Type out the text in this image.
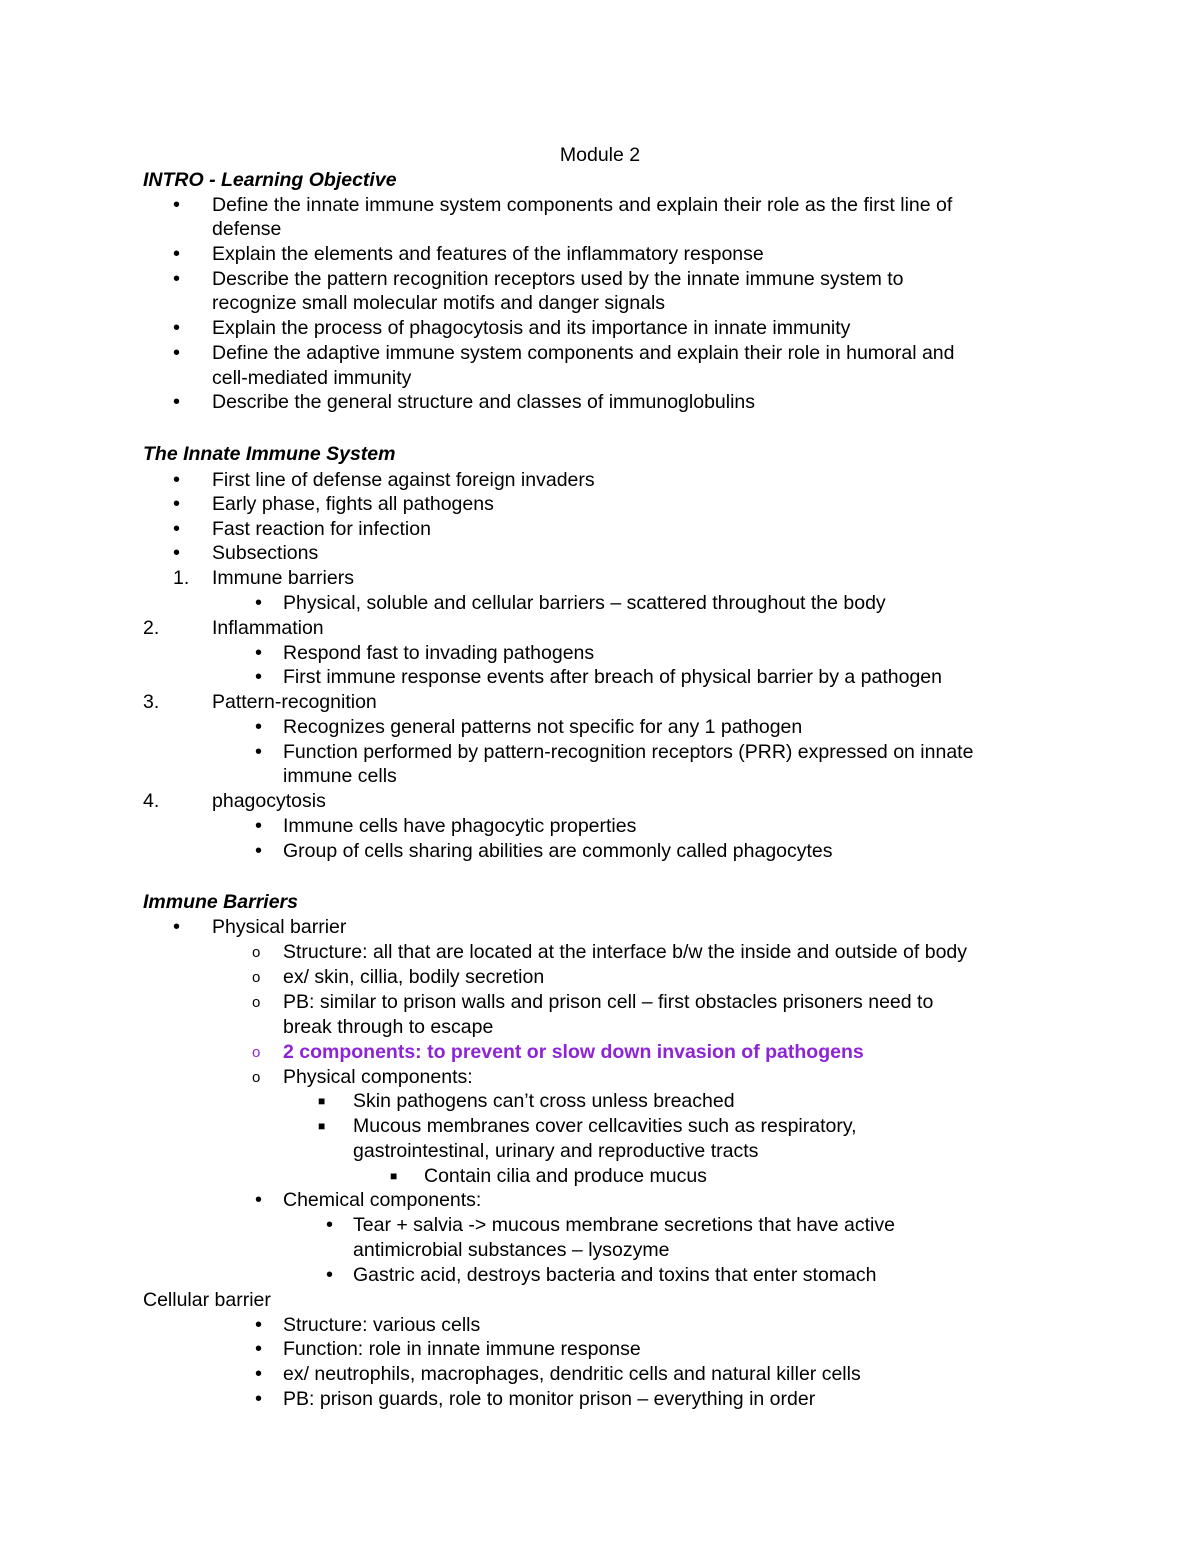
Module 2
INTRO - Learning Objective
•
Define the innate immune system components and explain their role as the first line of
defense
•
Explain the elements and features of the inflammatory response
•
Describe the pattern recognition receptors used by the innate immune system to
recognize small molecular motifs and danger signals
•
Explain the process of phagocytosis and its importance in innate immunity
•
Define the adaptive immune system components and explain their role in humoral and
cell-mediated immunity
•
Describe the general structure and classes of immunoglobulins
The Innate Immune System
•
First line of defense against foreign invaders
•
Early phase, fights all pathogens
•
Fast reaction for infection
•
Subsections
1. Immune barriers
•
Physical, soluble and cellular barriers – scattered throughout the body
2.	Inflammation
•
Respond fast to invading pathogens
•
First immune response events after breach of physical barrier by a pathogen
3.	Pattern-recognition
•
Recognizes general patterns not specific for any 1 pathogen
•
Function performed by pattern-recognition receptors (PRR) expressed on innate
immune cells
4.	phagocytosis
•
Immune cells have phagocytic properties
•
Group of cells sharing abilities are commonly called phagocytes
Immune Barriers
•
Physical barrier
o Structure: all that are located at the interface b/w the inside and outside of body
o ex/ skin, cillia, bodily secretion
o PB: similar to prison walls and prison cell – first obstacles prisoners need to
break through to escape
o 2 components: to prevent or slow down invasion of pathogens
o Physical components:
■ Skin pathogens can’t cross unless breached
■ Mucous membranes cover cellcavities such as respiratory,
gastrointestinal, urinary and reproductive tracts
■ Contain cilia and produce mucus
•
Chemical components:
•
Tear + salvia -> mucous membrane secretions that have active
antimicrobial substances – lysozyme
•
Gastric acid, destroys bacteria and toxins that enter stomach
Cellular barrier
•
Structure: various cells
•
Function: role in innate immune response
•
ex/ neutrophils, macrophages, dendritic cells and natural killer cells
•
PB: prison guards, role to monitor prison – everything in order
